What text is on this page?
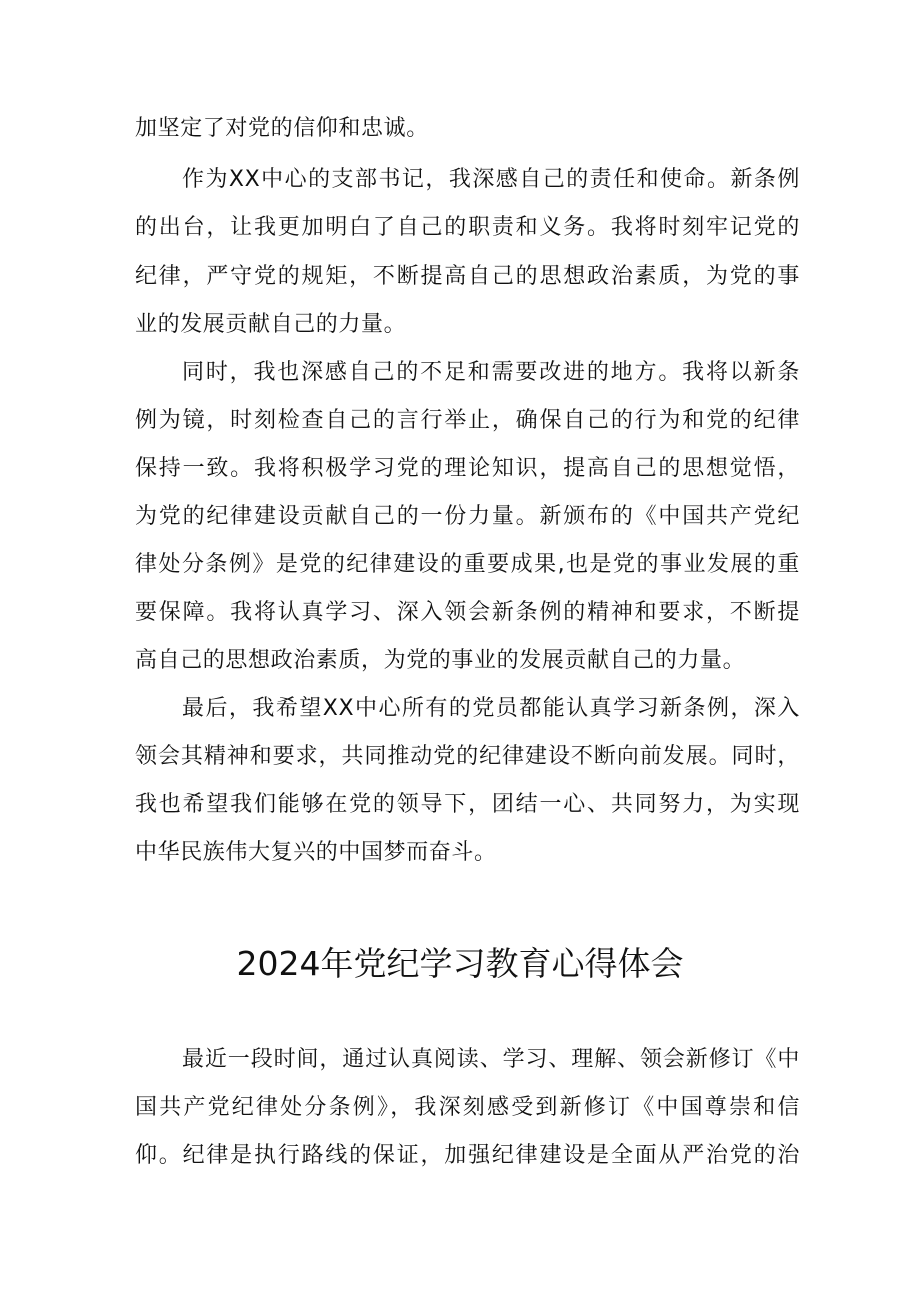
加坚定了对党的信仰和忠诚。
作为XX中心的支部书记，我深感自己的责任和使命。新条例
的出台，让我更加明白了自己的职责和义务。我将时刻牢记党的
纪律，严守党的规矩，不断提高自己的思想政治素质，为党的事
业的发展贡献自己的力量。
同时，我也深感自己的不足和需要改进的地方。我将以新条
例为镜，时刻检查自己的言行举止，确保自己的行为和党的纪律
保持一致。我将积极学习党的理论知识，提高自己的思想觉悟，
为党的纪律建设贡献自己的一份力量。新颁布的《中国共产党纪
律处分条例》是党的纪律建设的重要成果,也是党的事业发展的重
要保障。我将认真学习、深入领会新条例的精神和要求，不断提
高自己的思想政治素质，为党的事业的发展贡献自己的力量。
最后，我希望XX中心所有的党员都能认真学习新条例，深入
领会其精神和要求，共同推动党的纪律建设不断向前发展。同时，
我也希望我们能够在党的领导下，团结一心、共同努力，为实现
中华民族伟大复兴的中国梦而奋斗。
2024年党纪学习教育心得体会
最近一段时间，通过认真阅读、学习、理解、领会新修订《中
国共产党纪律处分条例》，我深刻感受到新修订《中国尊崇和信
仰。纪律是执行路线的保证，加强纪律建设是全面从严治党的治
